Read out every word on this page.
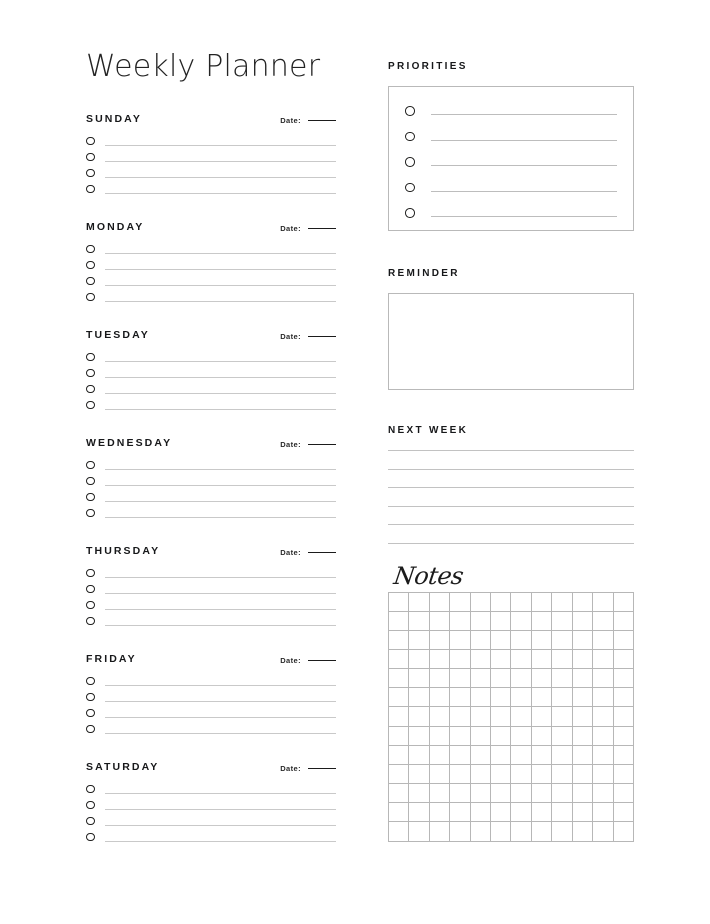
Weekly Planner
SUNDAY	Date:
MONDAY	Date:
TUESDAY	Date:
WEDNESDAY	Date:
THURSDAY	Date:
FRIDAY	Date:
SATURDAY	Date:
PRIORITIES
REMINDER
NEXT WEEK
Notes
